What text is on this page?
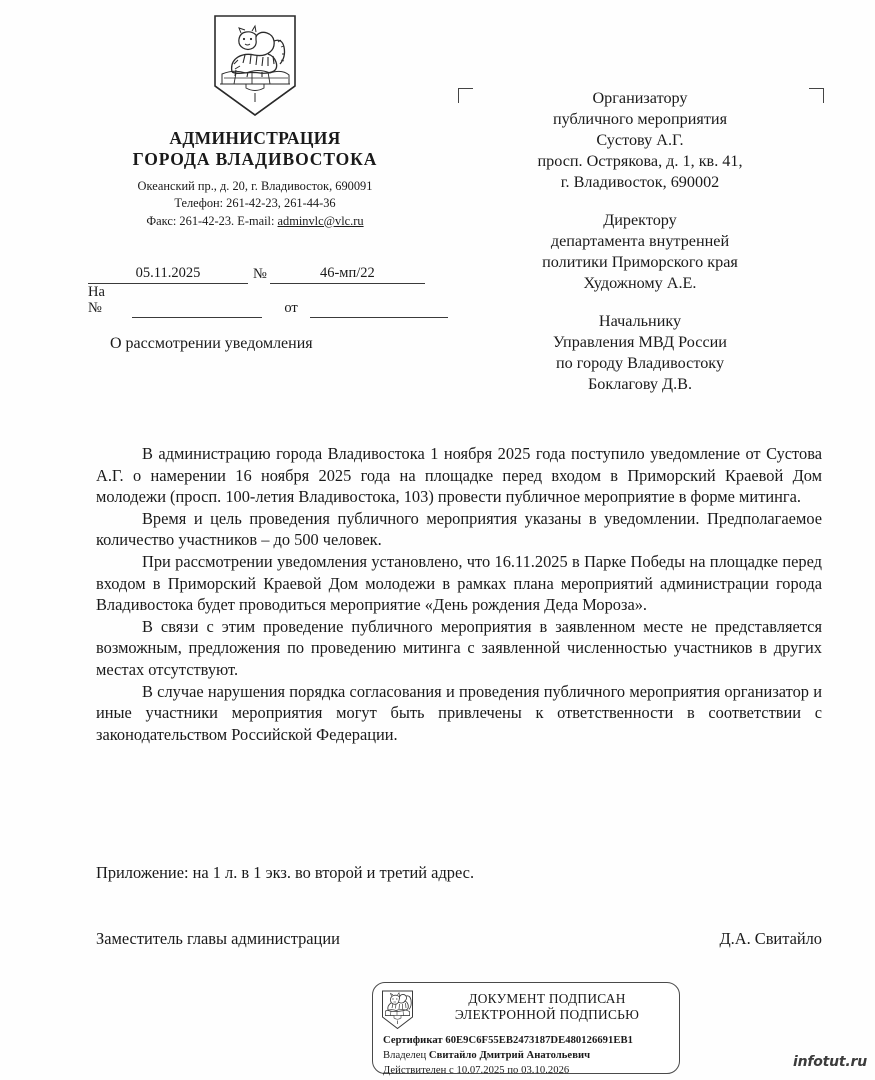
АДМИНИСТРАЦИЯ
ГОРОДА ВЛАДИВОСТОКА
Океанский пр., д. 20, г. Владивосток, 690091
Телефон: 261-42-23, 261-44-36
Факс: 261-42-23. E-mail: adminvlc@vlc.ru
05.11.2025	№	46-мп/22
На №	от
О рассмотрении уведомления
Организатору
публичного мероприятия
Сустову А.Г.
просп. Острякова, д. 1, кв. 41,
г. Владивосток, 690002
Директору
департамента внутренней
политики Приморского края
Художному А.Е.
Начальнику
Управления МВД России
по городу Владивостоку
Боклагову Д.В.

В администрацию города Владивостока 1 ноября 2025 года поступило уведомление от Сустова А.Г. о намерении 16 ноября 2025 года на площадке перед входом в Приморский Краевой Дом молодежи (просп. 100-летия Владивостока, 103) провести публичное мероприятие в форме митинга.

Время и цель проведения публичного мероприятия указаны в уведомлении. Предполагаемое количество участников – до 500 человек.

При рассмотрении уведомления установлено, что 16.11.2025 в Парке Победы на площадке перед входом в Приморский Краевой Дом молодежи в рамках плана мероприятий администрации города Владивостока будет проводиться мероприятие «День рождения Деда Мороза».

В связи с этим проведение публичного мероприятия в заявленном месте не представляется возможным, предложения по проведению митинга с заявленной численностью участников в других местах отсутствуют.

В случае нарушения порядка согласования и проведения публичного мероприятия организатор и иные участники мероприятия могут быть привлечены к ответственности в соответствии с законодательством Российской Федерации.

Приложение: на 1 л. в 1 экз. во второй и третий адрес.
Заместитель главы администрации	Д.А. Свитайло
ДОКУМЕНТ ПОДПИСАН
ЭЛЕКТРОННОЙ ПОДПИСЬЮ
Сертификат 60E9C6F55EB2473187DE480126691EB1
Владелец Свитайло Дмитрий Анатольевич
Действителен с 10.07.2025 по 03.10.2026
infotut.ru
